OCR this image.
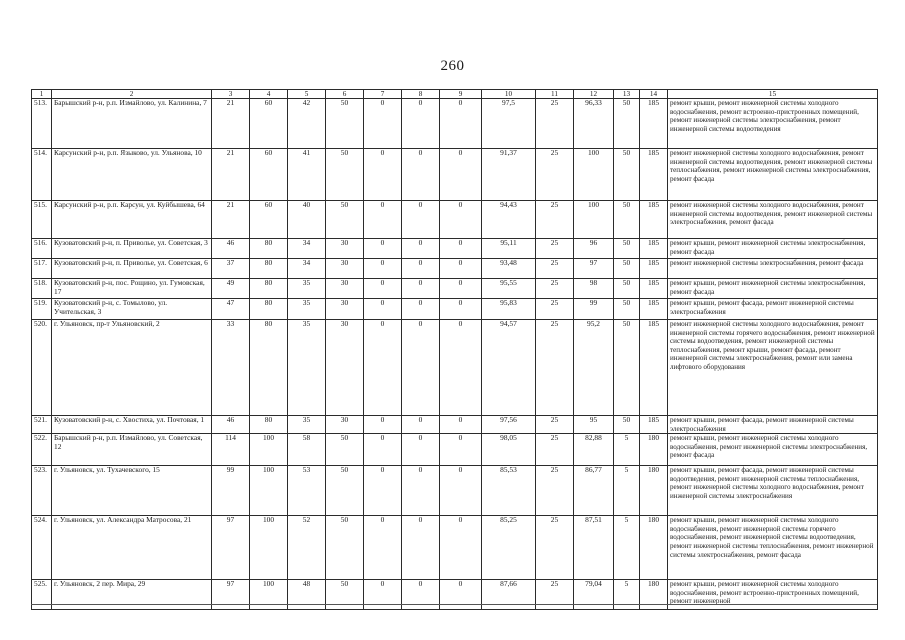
260
1	2	3	4	5	6	7	8	9	10	11	12	13	14	15
513.	Барышский р-н, р.п. Измайлово, ул. Калинина, 7	21	60	42	50	0	0	0	97,5	25	96,33	50	185	ремонт крыши, ремонт инженерной системы холодного водоснабжения, ремонт встроенно-пристроенных помещений, ремонт инженерной системы электроснабжения, ремонт инженерной системы водоотведения
514.	Карсунский р-н, р.п. Языково, ул. Ульянова, 10	21	60	41	50	0	0	0	91,37	25	100	50	185	ремонт инженерной системы холодного водоснабжения, ремонт инженерной системы водоотведения, ремонт инженерной системы теплоснабжения, ремонт инженерной системы электроснабжения, ремонт фасада
515.	Карсунский р-н, р.п. Карсун, ул. Куйбышева, 64	21	60	40	50	0	0	0	94,43	25	100	50	185	ремонт инженерной системы холодного водоснабжения, ремонт инженерной системы водоотведения, ремонт инженерной системы электроснабжения, ремонт фасада
516.	Кузоватовский р-н, п. Приволье, ул. Советская, 3	46	80	34	30	0	0	0	95,11	25	96	50	185	ремонт крыши, ремонт инженерной системы электроснабжения, ремонт фасада
517.	Кузоватовский р-н, п. Приволье, ул. Советская, 6	37	80	34	30	0	0	0	93,48	25	97	50	185	ремонт инженерной системы электроснабжения, ремонт фасада
518.	Кузоватовский р-н, пос. Рощино, ул. Гумовская, 17	49	80	35	30	0	0	0	95,55	25	98	50	185	ремонт крыши, ремонт инженерной системы электроснабжения, ремонт фасада
519.	Кузоватовский р-н, с. Томылово, ул. Учительская, 3	47	80	35	30	0	0	0	95,83	25	99	50	185	ремонт крыши, ремонт фасада, ремонт инженерной системы электроснабжения
520.	г. Ульяновск, пр-т Ульяновский, 2	33	80	35	30	0	0	0	94,57	25	95,2	50	185	ремонт инженерной системы холодного водоснабжения, ремонт инженерной системы горячего водоснабжения, ремонт инженерной системы водоотведения, ремонт инженерной системы теплоснабжения, ремонт крыши, ремонт фасада, ремонт инженерной системы электроснабжения, ремонт или замена лифтового оборудования
521.	Кузоватовский р-н, с. Хвостиха, ул. Почтовая, 1	46	80	35	30	0	0	0	97,56	25	95	50	185	ремонт крыши, ремонт фасада, ремонт инженерной системы электроснабжения
522.	Барышский р-н, р.п. Измайлово, ул. Советская, 12	114	100	58	50	0	0	0	98,05	25	82,88	5	180	ремонт крыши, ремонт инженерной системы холодного водоснабжения, ремонт инженерной системы электроснабжения, ремонт фасада
523.	г. Ульяновск, ул. Тухачевского, 15	99	100	53	50	0	0	0	85,53	25	86,77	5	180	ремонт крыши, ремонт фасада, ремонт инженерной системы водоотведения, ремонт инженерной системы теплоснабжения, ремонт инженерной системы холодного водоснабжения, ремонт инженерной системы электроснабжения
524.	г. Ульяновск, ул. Александра Матросова, 21	97	100	52	50	0	0	0	85,25	25	87,51	5	180	ремонт крыши, ремонт инженерной системы холодного водоснабжения, ремонт инженерной системы горячего водоснабжения, ремонт инженерной системы водоотведения, ремонт инженерной системы теплоснабжения, ремонт инженерной системы электроснабжения, ремонт фасада
525.	г. Ульяновск, 2 пер. Мира, 29	97	100	48	50	0	0	0	87,66	25	79,04	5	180	ремонт крыши, ремонт инженерной системы холодного водоснабжения, ремонт встроенно-пристроенных помещений, ремонт инженерной
